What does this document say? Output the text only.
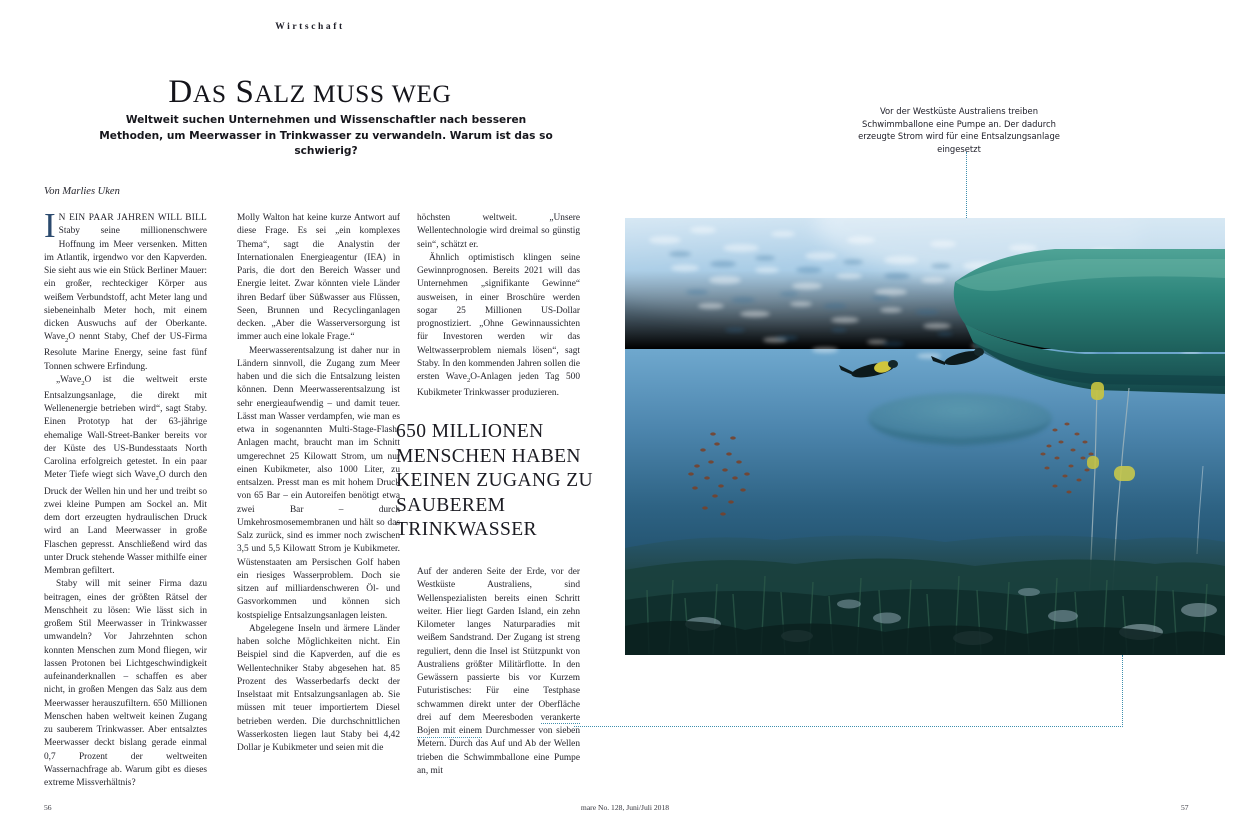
Wirtschaft
DAS SALZ MUSS WEG
Weltweit suchen Unternehmen und Wissenschaftler nach besseren Methoden, um Meerwasser in Trinkwasser zu verwandeln. Warum ist das so schwierig?
Von Marlies Uken

I N EIN PAAR JAHREN WILL BILL Staby seine millionenschwere Hoffnung im Meer versenken. Mitten im Atlantik, irgendwo vor den Kapverden. Sie sieht aus wie ein Stück Berliner Mauer: ein großer, rechteckiger Körper aus weißem Verbundstoff, acht Meter lang und siebeneinhalb Meter hoch, mit einem dicken Auswuchs auf der Oberkante. Wave$_2$O nennt Staby, Chef der US-Firma Resolute Marine Energy, seine fast fünf Tonnen schwere Erfindung.

„Wave$_2$O ist die weltweit erste Entsalzungsanlage, die direkt mit Wellenenergie betrieben wird“, sagt Staby. Einen Prototyp hat der 63-jährige ehemalige Wall-Street-Banker bereits vor der Küste des US-Bundesstaats North Carolina erfolgreich getestet. In ein paar Meter Tiefe wiegt sich Wave$_2$O durch den Druck der Wellen hin und her und treibt so zwei kleine Pumpen am Sockel an. Mit dem dort erzeugten hydraulischen Druck wird an Land Meerwasser in große Flaschen gepresst. Anschließend wird das unter Druck stehende Wasser mithilfe einer Membran gefiltert.

Staby will mit seiner Firma dazu beitragen, eines der größten Rätsel der Menschheit zu lösen: Wie lässt sich in großem Stil Meerwasser in Trinkwasser umwandeln? Vor Jahrzehnten schon konnten Menschen zum Mond fliegen, wir lassen Protonen bei Lichtgeschwindigkeit aufeinanderknallen – schaffen es aber nicht, in großen Mengen das Salz aus dem Meerwasser herauszufiltern. 650 Millionen Menschen haben weltweit keinen Zugang zu sauberem Trinkwasser. Aber entsalztes Meerwasser deckt bislang gerade einmal 0,7 Prozent der weltweiten Wassernachfrage ab. Warum gibt es dieses extreme Missverhältnis?

Molly Walton hat keine kurze Antwort auf diese Frage. Es sei „ein komplexes Thema“, sagt die Analystin der Internationalen Energieagentur (IEA) in Paris, die dort den Bereich Wasser und Energie leitet. Zwar könnten viele Länder ihren Bedarf über Süßwasser aus Flüssen, Seen, Brunnen und Recyclinganlagen decken. „Aber die Wasserversorgung ist immer auch eine lokale Frage.“

Meerwasserentsalzung ist daher nur in Ländern sinnvoll, die Zugang zum Meer haben und die sich die Entsalzung leisten können. Denn Meerwasserentsalzung ist sehr energieaufwendig – und damit teuer. Lässt man Wasser verdampfen, wie man es etwa in sogenannten Multi-Stage-Flash-Anlagen macht, braucht man im Schnitt umgerechnet 25 Kilowatt Strom, um nur einen Kubikmeter, also 1000 Liter, zu entsalzen. Presst man es mit hohem Druck von 65 Bar – ein Autoreifen benötigt etwa zwei Bar – durch Umkehrosmosemembranen und hält so das Salz zurück, sind es immer noch zwischen 3,5 und 5,5 Kilowatt Strom je Kubikmeter. Wüstenstaaten am Persischen Golf haben ein riesiges Wasserproblem. Doch sie sitzen auf milliardenschweren Öl- und Gasvorkommen und können sich kostspielige Entsalzungsanlagen leisten.

Abgelegene Inseln und ärmere Länder haben solche Möglichkeiten nicht. Ein Beispiel sind die Kapverden, auf die es Wellentechniker Staby abgesehen hat. 85 Prozent des Wasserbedarfs deckt der Inselstaat mit Entsalzungsanlagen ab. Sie müssen mit teuer importiertem Diesel betrieben werden. Die durchschnittlichen Wasserkosten liegen laut Staby bei 4,42 Dollar je Kubikmeter und seien mit die

höchsten weltweit. „Unsere Wellentechnologie wird dreimal so günstig sein“, schätzt er.

Ähnlich optimistisch klingen seine Gewinnprognosen. Bereits 2021 will das Unternehmen „signifikante Gewinne“ ausweisen, in einer Broschüre werden sogar 25 Millionen US-Dollar prognostiziert. „Ohne Gewinnaussichten für Investoren werden wir das Weltwasserproblem niemals lösen“, sagt Staby. In den kommenden Jahren sollen die ersten Wave$_2$O-Anlagen jeden Tag 500 Kubikmeter Trinkwasser produzieren.

650 MILLIONEN MENSCHEN HABEN KEINEN ZUGANG ZU SAUBEREM TRINKWASSER

Auf der anderen Seite der Erde, vor der Westküste Australiens, sind Wellenspezialisten bereits einen Schritt weiter. Hier liegt Garden Island, ein zehn Kilometer langes Naturparadies mit weißem Sandstrand. Der Zugang ist streng reguliert, denn die Insel ist Stützpunkt von Australiens größter Militärflotte. In den Gewässern passierte bis vor Kurzem Futuristisches: Für eine Testphase schwammen direkt unter der Oberfläche drei auf dem Meeresboden verankerte Bojen mit einem Durchmesser von sieben Metern. Durch das Auf und Ab der Wellen trieben die Schwimmballone eine Pumpe an, mit

Vor der Westküste Australiens treiben Schwimmballone eine Pumpe an. Der dadurch erzeugte Strom wird für eine Entsalzungsanlage eingesetzt
56	mare No. 128, Juni/Juli 2018	57
